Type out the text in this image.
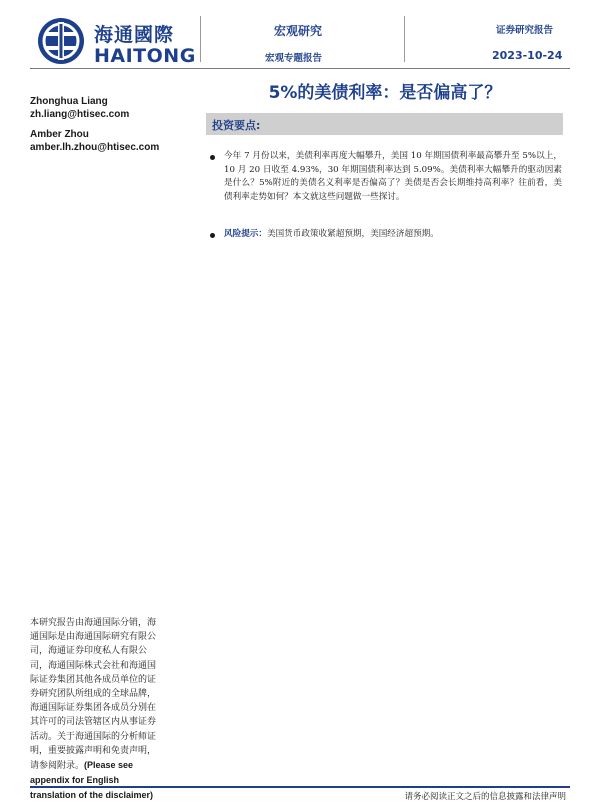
海通國際
HAITONG
宏观研究
宏观专题报告
证券研究报告
2023-10-24
5%的美债利率：是否偏高了？
Zhonghua Liang
zh.liang@htisec.com
Amber Zhou
amber.lh.zhou@htisec.com
投资要点:
今年 7 月份以来，美债利率再度大幅攀升，美国 10 年期国债利率最高攀升至 5%以上，10 月 20 日收至 4.93%，30 年期国债利率达到 5.09%。美债利率大幅攀升的驱动因素是什么？5%附近的美债名义利率是否偏高了？美债是否会长期维持高利率？往前看，美债利率走势如何？本文就这些问题做一些探讨。
风险提示：美国货币政策收紧超预期，美国经济超预期。
本研究报告由海通国际分销，海通国际是由海通国际研究有限公司，海通证券印度私人有限公司，海通国际株式会社和海通国际证券集团其他各成员单位的证券研究团队所组成的全球品牌，海通国际证券集团各成员分别在其许可的司法管辖区内从事证券活动。关于海通国际的分析师证明，重要披露声明和免责声明，请参阅附录。(Please see appendix for English translation of the disclaimer)	请务必阅读正文之后的信息披露和法律声明
